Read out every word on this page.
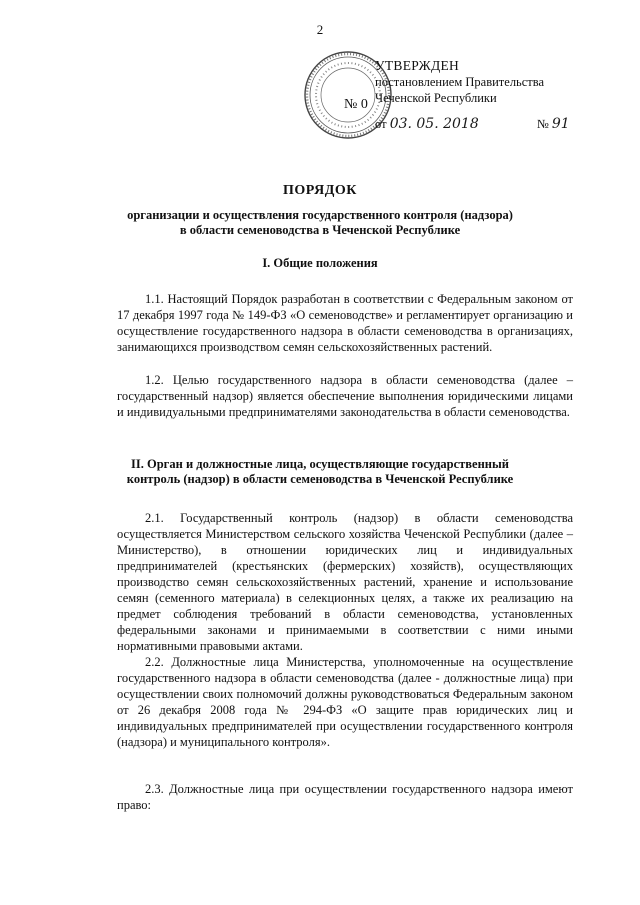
2
№ 0
УТВЕРЖДЕН
постановлением Правительства
Чеченской Республики
от 03. 05. 2018	№ 91
ПОРЯДОК
организации и осуществления государственного контроля (надзора)
в области семеноводства в Чеченской Республике
I. Общие положения

1.1. Настоящий Порядок разработан в соответствии с Федеральным законом от 17 декабря 1997 года № 149-ФЗ «О семеноводстве» и регламентирует организацию и осуществление государственного надзора в области семеноводства в организациях, занимающихся производством семян сельскохозяйственных растений.

1.2. Целью государственного надзора в области семеноводства (далее – государственный надзор) является обеспечение выполнения юридическими лицами и индивидуальными предпринимателями законодательства в области семеноводства.

II. Орган и должностные лица, осуществляющие государственный
контроль (надзор) в области семеноводства в Чеченской Республике

2.1. Государственный контроль (надзор) в области семеноводства осуществляется Министерством сельского хозяйства Чеченской Республики (далее – Министерство), в отношении юридических лиц и индивидуальных предпринимателей (крестьянских (фермерских) хозяйств), осуществляющих производство семян сельскохозяйственных растений, хранение и использование семян (семенного материала) в селекционных целях, а также их реализацию на предмет соблюдения требований в области семеноводства, установленных федеральными законами и принимаемыми в соответствии с ними иными нормативными правовыми актами.

2.2. Должностные лица Министерства, уполномоченные на осуществление государственного надзора в области семеноводства (далее - должностные лица) при осуществлении своих полномочий должны руководствоваться Федеральным законом от 26 декабря 2008 года № 294-ФЗ «О защите прав юридических лиц и индивидуальных предпринимателей при осуществлении государственного контроля (надзора) и муниципального контроля».

2.3. Должностные лица при осуществлении государственного надзора имеют право:
